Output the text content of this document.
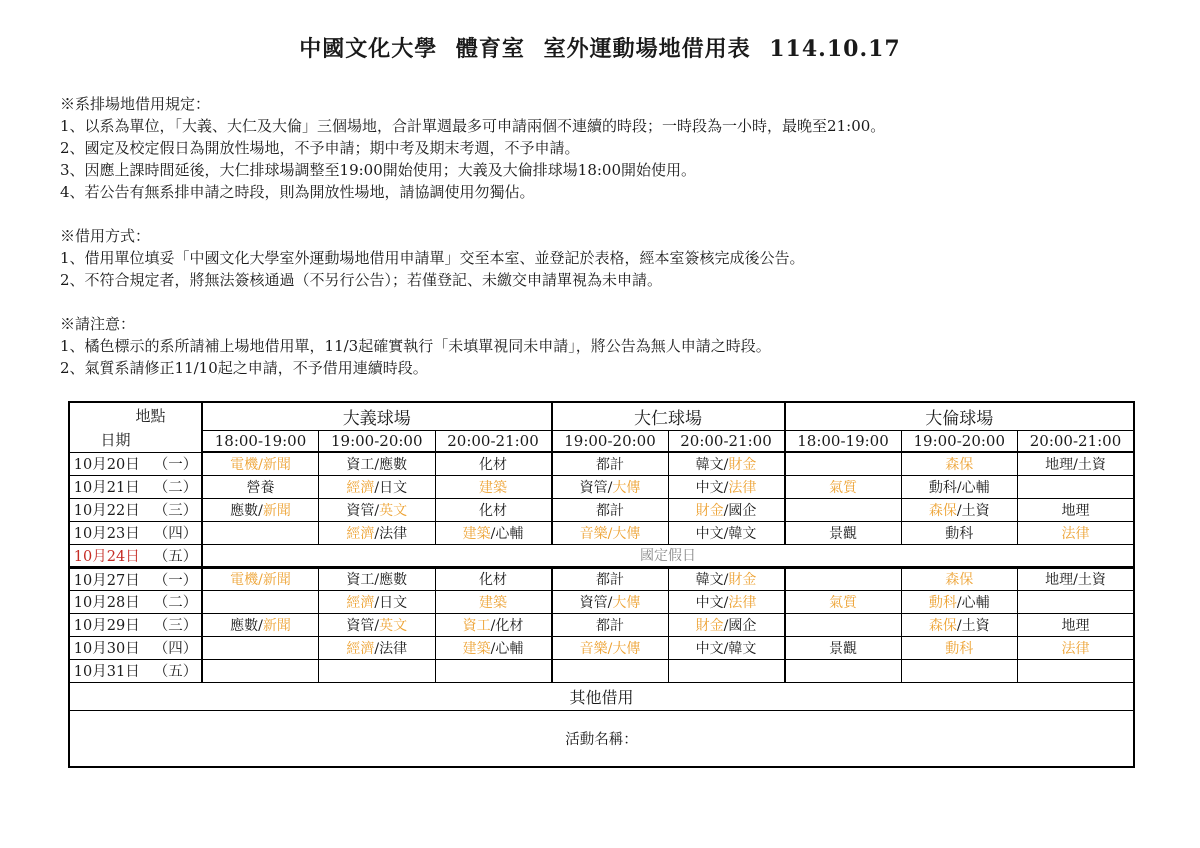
中國文化大學 體育室 室外運動場地借用表 114.10.17
※系排場地借用規定：
1、以系為單位，「大義、大仁及大倫」三個場地，合計單週最多可申請兩個不連續的時段；一時段為一小時，最晚至21:00。
2、國定及校定假日為開放性場地，不予申請；期中考及期末考週，不予申請。
3、因應上課時間延後，大仁排球場調整至19:00開始使用；大義及大倫排球場18:00開始使用。
4、若公告有無系排申請之時段，則為開放性場地，請協調使用勿獨佔。
※借用方式：
1、借用單位填妥「中國文化大學室外運動場地借用申請單」交至本室、並登記於表格，經本室簽核完成後公告。
2、不符合規定者，將無法簽核通過（不另行公告）；若僅登記、未繳交申請單視為未申請。
※請注意：
1、橘色標示的系所請補上場地借用單，11/3起確實執行「未填單視同未申請」，將公告為無人申請之時段。
2、氣質系請修正11/10起之申請，不予借用連續時段。
地點
日期	大義球場			大仁球場		大倫球場		
	18:00-19:00	19:00-20:00	20:00-21:00	19:00-20:00	20:00-21:00	18:00-19:00	19:00-20:00	20:00-21:00
10月20日 （一）	電機/新聞	資工/應數	化材	都計	韓文/財金		森保	地理/土資
10月21日 （二）	營養	經濟/日文	建築	資管/大傳	中文/法律	氣質	動科/心輔	
10月22日 （三）	應數/新聞	資管/英文	化材	都計	財金/國企		森保/土資	地理
10月23日 （四）		經濟/法律	建築/心輔	音樂/大傳	中文/韓文	景觀	動科	法律
10月24日 （五）	國定假日							
10月27日 （一）	電機/新聞	資工/應數	化材	都計	韓文/財金		森保	地理/土資
10月28日 （二）		經濟/日文	建築	資管/大傳	中文/法律	氣質	動科/心輔	
10月29日 （三）	應數/新聞	資管/英文	資工/化材	都計	財金/國企		森保/土資	地理
10月30日 （四）		經濟/法律	建築/心輔	音樂/大傳	中文/韓文	景觀	動科	法律
10月31日 （五）								
其他借用								
活動名稱：								
